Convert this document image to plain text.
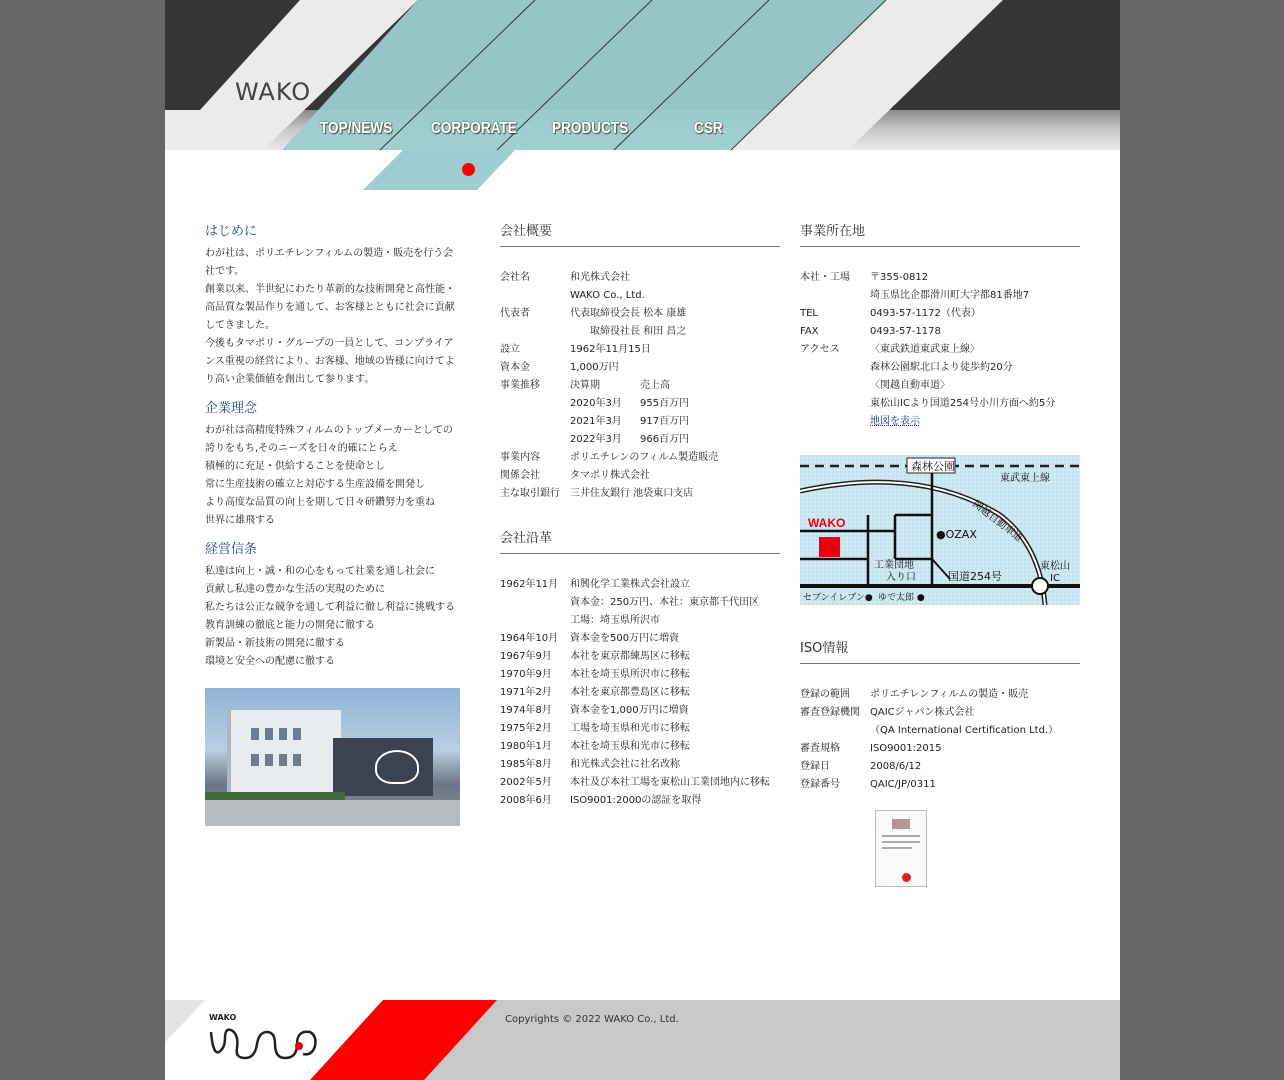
WAKO
TOP/NEWS CORPORATE PRODUCTS	CSR
はじめに

わが社は、ポリエチレンフィルムの製造・販売を行う会社です。

創業以来、半世紀にわたり革新的な技術開発と高性能・高品質な製品作りを通して、お客様とともに社会に貢献してきました。

今後もタマポリ・グループの一員として、コンプライアンス重視の経営により、お客様、地域の皆様に向けてより高い企業価値を創出して参ります。

企業理念

わが社は高精度特殊フィルムのトップメーカーとしての

誇りをもち,そのニーズを日々的確にとらえ

積極的に充足・供給することを使命とし

常に生産技術の確立と対応する生産設備を開発し

より高度な品質の向上を期して日々研鑽努力を重ね

世界に雄飛する

経営信条

私達は向上・誠・和の心をもって社業を通し社会に

貢献し私達の豊かな生活の実現のために

私たちは公正な競争を通して利益に徹し利益に挑戦する

教育訓練の徹底と能力の開発に徹する

新製品・新技術の開発に徹する

環境と安全への配慮に徹する

会社概要
会社名	和光株式会社
WAKO Co., Ltd.
代表者	代表取締役会長 松本 康雄
取締役社長 和田 昌之
設立	1962年11月15日
資本金	1,000万円
事業推移	決算期	売上高
2020年3月	955百万円
2021年3月	917百万円
2022年3月	966百万円
事業内容	ポリエチレンのフィルム製造販売
関係会社	タマポリ株式会社
主な取引銀行	三井住友銀行 池袋東口支店
会社沿革
1962年11月	和興化学工業株式会社設立
資本金：250万円、本社：東京都千代田区
工場：埼玉県所沢市
1964年10月	資本金を500万円に増資
1967年9月	本社を東京都練馬区に移転
1970年9月	本社を埼玉県所沢市に移転
1971年2月	本社を東京都豊島区に移転
1974年8月	資本金を1,000万円に増資
1975年2月	工場を埼玉県和光市に移転
1980年1月	本社を埼玉県和光市に移転
1985年8月	和光株式会社に社名改称
2002年5月	本社及び本社工場を東松山工業団地内に移転
2008年6月	ISO9001:2000の認証を取得
事業所在地
本社・工場	〒355-0812
埼玉県比企郡滑川町大字都81番地7
TEL	0493-57-1172（代表）
FAX	0493-57-1178
アクセス	〈東武鉄道東武東上線〉
森林公園駅北口より徒歩約20分
〈関越自動車道〉
東松山ICより国道254号小川方面へ約5分
地図を表示
森林公園
東武東上線
関越自動車道
WAKO
●OZAX
工業団地
入り口	国道254号
東松山
IC
セブンイレブン● ゆで太郎 ●
ISO情報
登録の範囲	ポリエチレンフィルムの製造・販売
審査登録機関	QAICジャパン株式会社
（QA International Certification Ltd.）
審査規格	ISO9001:2015
登録日	2008/6/12
登録番号	QAIC/JP/0311
WAKO	Copyrights © 2022 WAKO Co., Ltd.
